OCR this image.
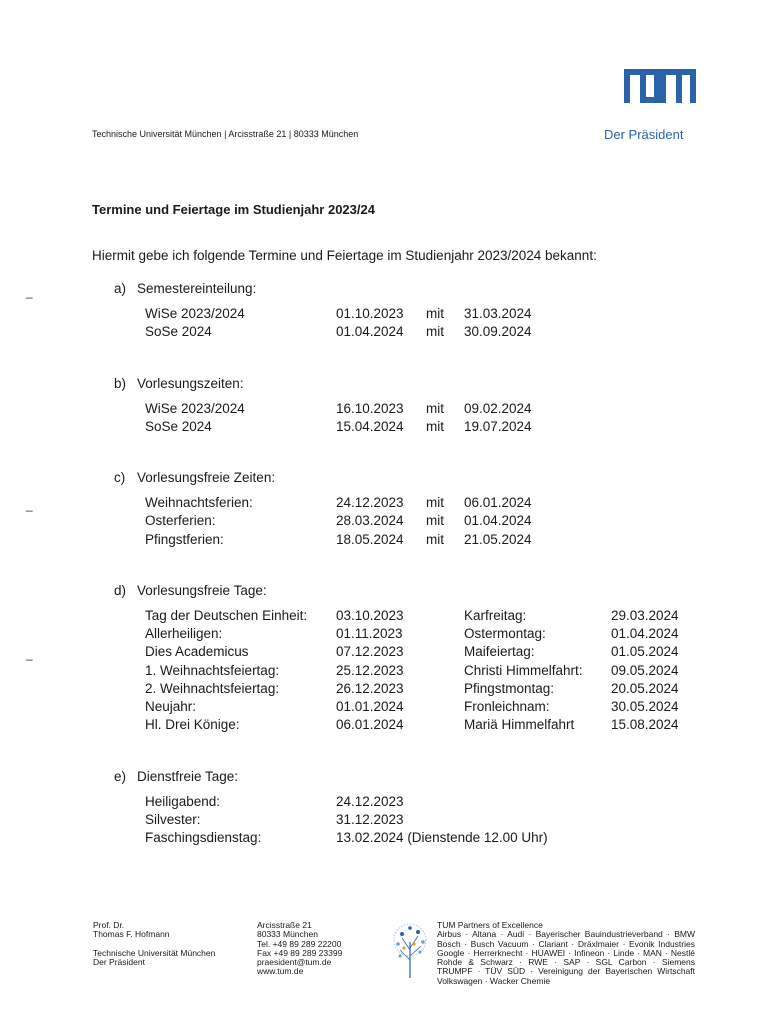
Technische Universität München | Arcisstraße 21 | 80333 München	Der Präsident
Termine und Feiertage im Studienjahr 2023/24
Hiermit gebe ich folgende Termine und Feiertage im Studienjahr 2023/2024 bekannt:
–
–
–
a) Semestereinteilung:
WiSe 2023/2024	01.10.2023 mit 31.03.2024
SoSe 2024	01.04.2024 mit 30.09.2024
b) Vorlesungszeiten:
WiSe 2023/2024	16.10.2023 mit 09.02.2024
SoSe 2024	15.04.2024 mit 19.07.2024
c) Vorlesungsfreie Zeiten:
Weihnachtsferien:	24.12.2023 mit 06.01.2024
Osterferien:	28.03.2024 mit 01.04.2024
Pfingstferien:	18.05.2024 mit 21.05.2024
d) Vorlesungsfreie Tage:
Tag der Deutschen Einheit: 03.10.2023	Karfreitag:	29.03.2024
Allerheiligen:	01.11.2023	Ostermontag:	01.04.2024
Dies Academicus	07.12.2023	Maifeiertag:	01.05.2024
1. Weihnachtsfeiertag:	25.12.2023	Christi Himmelfahrt: 09.05.2024
2. Weihnachtsfeiertag:	26.12.2023	Pfingstmontag:	20.05.2024
Neujahr:	01.01.2024	Fronleichnam:	30.05.2024
Hl. Drei Könige:	06.01.2024	Mariä Himmelfahrt	15.08.2024
e) Dienstfreie Tage:
Heiligabend:	24.12.2023
Silvester:	31.12.2023
Faschingsdienstag:	13.02.2024 (Dienstende 12.00 Uhr)
Prof. Dr.
Thomas F. Hofmann
Technische Universität München
Der Präsident
Arcisstraße 21
80333 München
Tel. +49 89 289 22200
Fax +49 89 289 23399
praesident@tum.de
www.tum.de
TUM Partners of Excellence
Airbus · Altana · Audi · Bayerischer Bauindustrieverband · BMW
Bosch · Busch Vacuum · Clariant · Dräxlmaier · Evonik Industries
Google · Herrerknecht · HUAWEI · Infineon · Linde · MAN · Nestlé
Rohde & Schwarz · RWE · SAP · SGL Carbon · Siemens
TRUMPF · TÜV SÜD · Vereinigung der Bayerischen Wirtschaft
Volkswagen · Wacker Chemie
